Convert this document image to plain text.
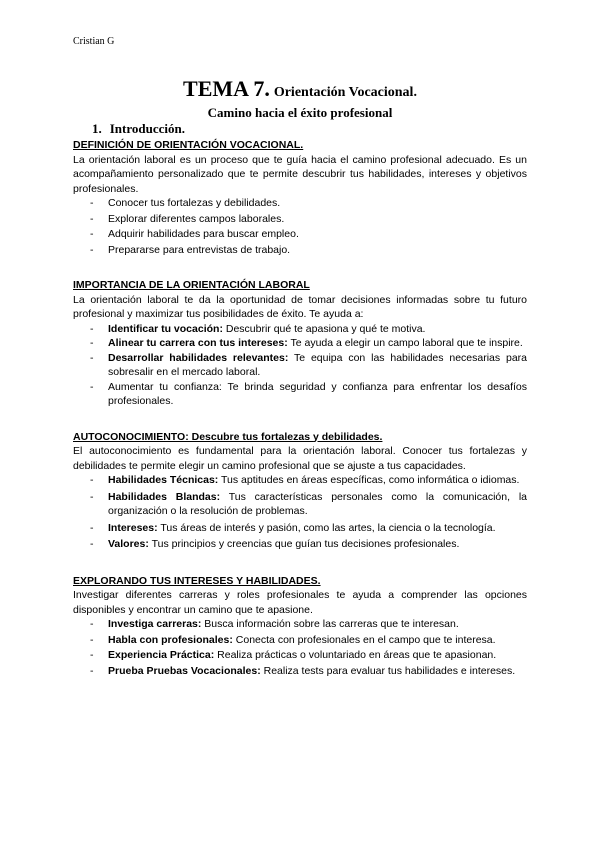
Cristian G
TEMA 7. Orientación Vocacional.
Camino hacia el éxito profesional
1. Introducción.
DEFINICIÓN DE ORIENTACIÓN VOCACIONAL.
La orientación laboral es un proceso que te guía hacia el camino profesional adecuado. Es un acompañamiento personalizado que te permite descubrir tus habilidades, intereses y objetivos profesionales.
- Conocer tus fortalezas y debilidades.
- Explorar diferentes campos laborales.
- Adquirir habilidades para buscar empleo.
- Prepararse para entrevistas de trabajo.
IMPORTANCIA DE LA ORIENTACIÓN LABORAL
La orientación laboral te da la oportunidad de tomar decisiones informadas sobre tu futuro profesional y maximizar tus posibilidades de éxito. Te ayuda a:
- Identificar tu vocación: Descubrir qué te apasiona y qué te motiva.
- Alinear tu carrera con tus intereses: Te ayuda a elegir un campo laboral que te inspire.
- Desarrollar habilidades relevantes: Te equipa con las habilidades necesarias para sobresalir en el mercado laboral.
- Aumentar tu confianza: Te brinda seguridad y confianza para enfrentar los desafíos profesionales.
AUTOCONOCIMIENTO: Descubre tus fortalezas y debilidades.
El autoconocimiento es fundamental para la orientación laboral. Conocer tus fortalezas y debilidades te permite elegir un camino profesional que se ajuste a tus capacidades.
- Habilidades Técnicas: Tus aptitudes en áreas específicas, como informática o idiomas.
- Habilidades Blandas: Tus características personales como la comunicación, la organización o la resolución de problemas.
- Intereses: Tus áreas de interés y pasión, como las artes, la ciencia o la tecnología.
- Valores: Tus principios y creencias que guían tus decisiones profesionales.
EXPLORANDO TUS INTERESES Y HABILIDADES.
Investigar diferentes carreras y roles profesionales te ayuda a comprender las opciones disponibles y encontrar un camino que te apasione.
- Investiga carreras: Busca información sobre las carreras que te interesan.
- Habla con profesionales: Conecta con profesionales en el campo que te interesa.
- Experiencia Práctica: Realiza prácticas o voluntariado en áreas que te apasionan.
- Prueba Pruebas Vocacionales: Realiza tests para evaluar tus habilidades e intereses.
